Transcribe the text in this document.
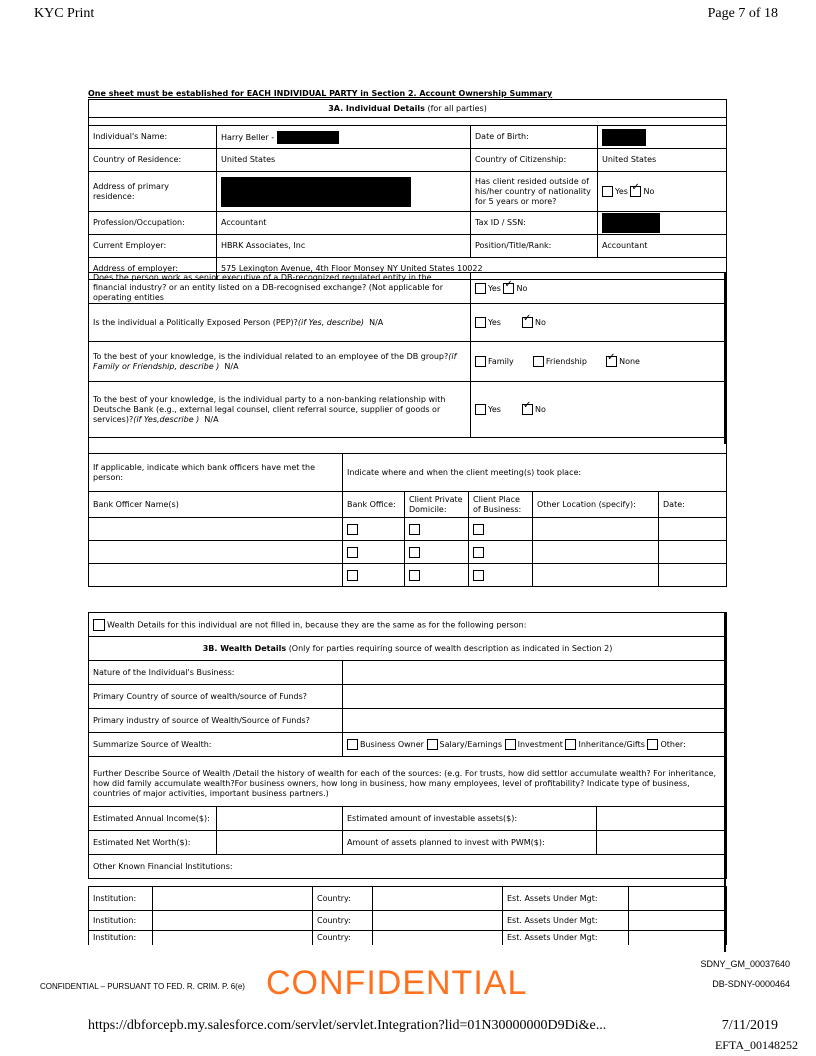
KYC Print	Page 7 of 18
One sheet must be established for EACH INDIVIDUAL PARTY in Section 2. Account Ownership Summary
3A. Individual Details (for all parties)			

Individual's Name:	Harry Beller -	Date of Birth:	
Country of Residence:	United States	Country of Citizenship:	United States
Address of primary residence:		Has client resided outside of his/her country of nationality for 5 years or more?	Yes ✓ No
Profession/Occupation:	Accountant	Tax ID / SSN:	
Current Employer:	HBRK Associates, Inc	Position/Title/Rank:	Accountant
Address of employer:	575 Lexington Avenue, 4th Floor Monsey NY United States 10022		
Does the person work as senior executive of a DB-recognized regulated entity in the financial industry? or an entity listed on a DB-recognised exchange? (Not applicable for operating entities	Yes ✓ No
Is the individual a Politically Exposed Person (PEP)?(if Yes, describe) N/A	Yes ✓ No
To the best of your knowledge, is the individual related to an employee of the DB group?(if Family or Friendship, describe ) N/A	Family Friendship ✓ None
To the best of your knowledge, is the individual party to a non-banking relationship with Deutsche Bank (e.g., external legal counsel, client referral source, supplier of goods or services)?(if Yes,describe ) N/A	Yes ✓ No

If applicable, indicate which bank officers have met the person:	Indicate where and when the client meeting(s) took place:				
Bank Officer Name(s)	Bank Office:	Client Private Domicile:	Client Place of Business:	Other Location (specify):	Date:

Wealth Details for this individual are not filled in, because they are the same as for the following person:			
3B. Wealth Details (Only for parties requiring source of wealth description as indicated in Section 2)			
Nature of the Individual's Business:			
Primary Country of source of wealth/source of Funds?			
Primary industry of source of Wealth/Source of Funds?			
Summarize Source of Wealth:		Business Owner Salary/Earnings Investment Inheritance/Gifts Other:	
Further Describe Source of Wealth /Detail the history of wealth for each of the sources: (e.g. For trusts, how did settlor accumulate wealth? For inheritance, how did family accumulate wealth?For business owners, how long in business, how many employees, level of profitability? Indicate type of business, countries of major activities, important business partners.)			
Estimated Annual Income($):		Estimated amount of investable assets($):	
Estimated Net Worth($):		Amount of assets planned to invest with PWM($):	
Other Known Financial Institutions:			
Institution:		Country:		Est. Assets Under Mgt:	
Institution:		Country:		Est. Assets Under Mgt:	
Institution:		Country:		Est. Assets Under Mgt:	
SDNY_GM_00037640
CONFIDENTIAL – PURSUANT TO FED. R. CRIM. P. 6(e) CONFIDENTIAL	DB-SDNY-0000464
https://dbforcepb.my.salesforce.com/servlet/servlet.Integration?lid=01N30000000D9Di&e...	7/11/2019
EFTA_00148252
